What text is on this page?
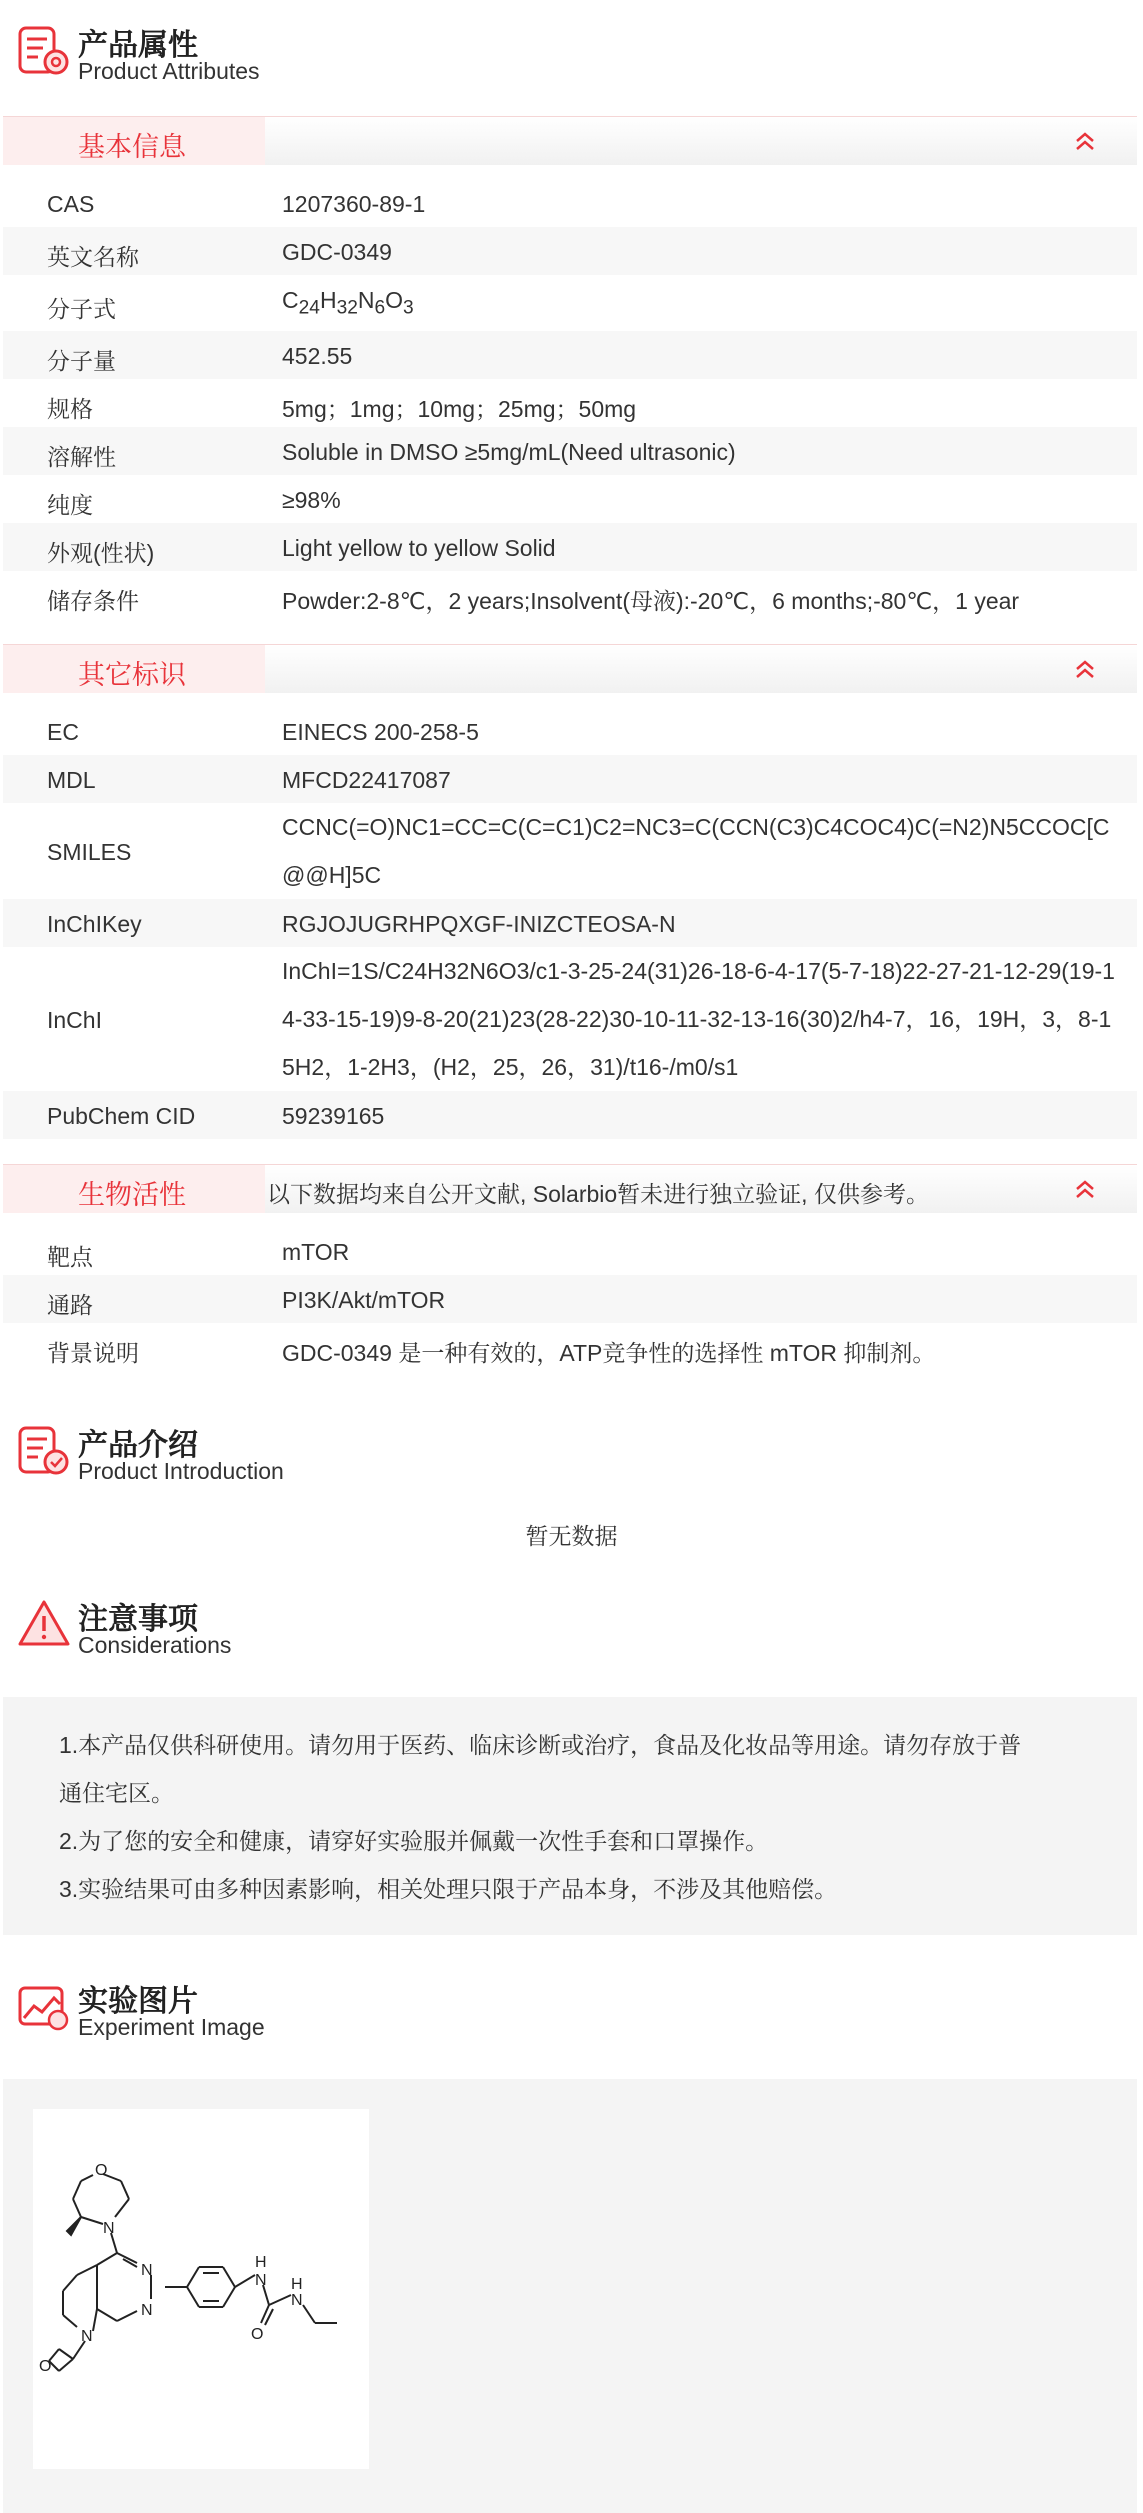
产品属性
Product Attributes
基本信息
CAS	1207360-89-1
英文名称	GDC-0349
分子式	$C_{24}H_{32}N_6O_3$
分子量	452.55
规格	5mg；1mg；10mg；25mg；50mg
溶解性	Soluble in DMSO ≥5mg/mL(Need ultrasonic)
纯度	≥98%
外观(性状)	Light yellow to yellow Solid
储存条件	Powder:2-8℃，2 years;Insolvent(母液):-20℃，6 months;-80℃，1 year
其它标识
EC	EINECS 200-258-5
MDL	MFCD22417087
SMILES
CCNC(=O)NC1=CC=C(C=C1)C2=NC3=C(CCN(C3)C4COC4)C(=N2)N5CCOC[C@@H]5C
InChIKey	RGJOJUGRHPQXGF-INIZCTEOSA-N
InChI
InChI=1S/C24H32N6O3/c1-3-25-24(31)26-18-6-4-17(5-7-18)22-27-21-12-29(19-14-33-15-19)9-8-20(21)23(28-22)30-10-11-32-13-16(30)2/h4-7，16，19H，3，8-15H2，1-2H3，(H2，25，26，31)/t16-/m0/s1
PubChem CID	59239165
生物活性	以下数据均来自公开文献, Solarbio暂未进行独立验证, 仅供参考。
靶点	mTOR
通路	PI3K/Akt/mTOR
背景说明	GDC-0349 是一种有效的，ATP竞争性的选择性 mTOR 抑制剂。
产品介绍
Product Introduction
暂无数据
注意事项
Considerations
1.本产品仅供科研使用。请勿用于医药、临床诊断或治疗，食品及化妆品等用途。请勿存放于普
通住宅区。
2.为了您的安全和健康，请穿好实验服并佩戴一次性手套和口罩操作。
3.实验结果可由多种因素影响，相关处理只限于产品本身，不涉及其他赔偿。
实验图片
Experiment Image
O
N
N
N
N
N
O
H
N
O
H
